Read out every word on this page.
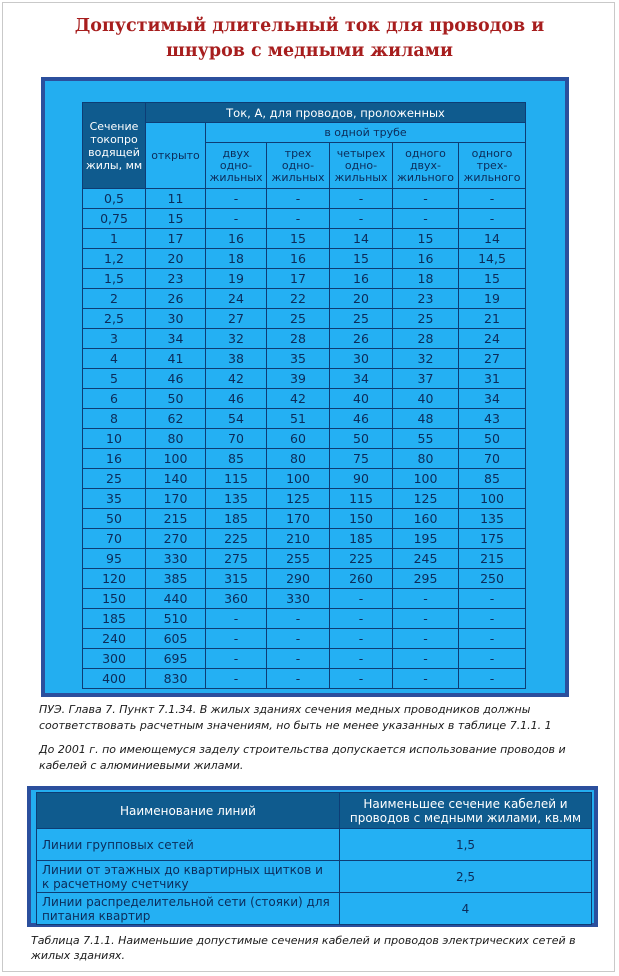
Допустимый длительный ток для проводов и
шнуров с медными жилами
Сечение токопро водящей жилы, мм	Ток, А, для проводов, проложенных					
	открыто	в одной трубе				
		двух одно- жильных	трех одно- жильных	четырех одно- жильных	одного двух- жильного	одного трех- жильного
0,5	11	-	-	-	-	-
0,75	15	-	-	-	-	-
1	17	16	15	14	15	14
1,2	20	18	16	15	16	14,5
1,5	23	19	17	16	18	15
2	26	24	22	20	23	19
2,5	30	27	25	25	25	21
3	34	32	28	26	28	24
4	41	38	35	30	32	27
5	46	42	39	34	37	31
6	50	46	42	40	40	34
8	62	54	51	46	48	43
10	80	70	60	50	55	50
16	100	85	80	75	80	70
25	140	115	100	90	100	85
35	170	135	125	115	125	100
50	215	185	170	150	160	135
70	270	225	210	185	195	175
95	330	275	255	225	245	215
120	385	315	290	260	295	250
150	440	360	330	-	-	-
185	510	-	-	-	-	-
240	605	-	-	-	-	-
300	695	-	-	-	-	-
400	830	-	-	-	-	-
ПУЭ. Глава 7. Пункт 7.1.34. В жилых зданиях сечения медных проводников должны соответствовать расчетным значениям, но быть не менее указанных в таблице 7.1.1. 1
До 2001 г. по имеющемуся заделу строительства допускается использование проводов и кабелей с алюминиевыми жилами.
Наименование линий	Наименьшее сечение кабелей и проводов с медными жилами, кв.мм
Линии групповых сетей	1,5
Линии от этажных до квартирных щитков и к расчетному счетчику	2,5
Линии распределительной сети (стояки) для питания квартир	4
Таблица 7.1.1. Наименьшие допустимые сечения кабелей и проводов электрических сетей в жилых зданиях.
